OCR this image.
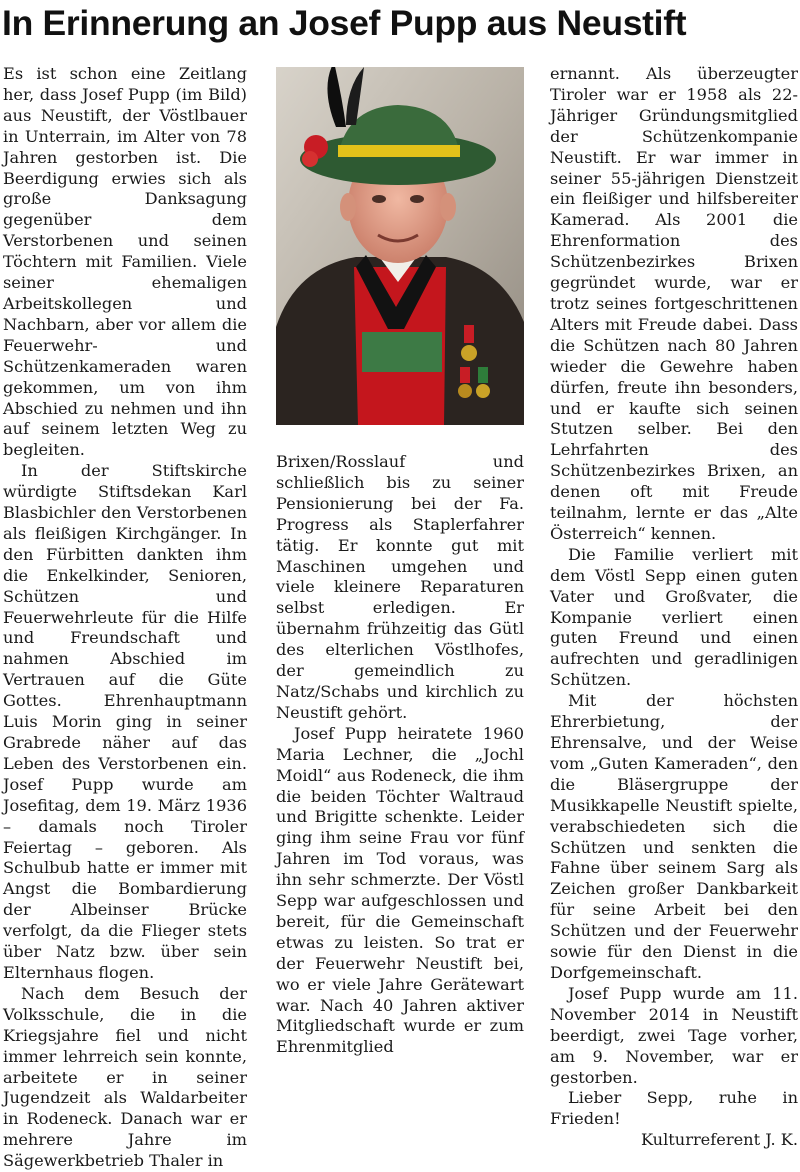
In Erinnerung an Josef Pupp aus Neustift

Es ist schon eine Zeitlang her, dass Josef Pupp (im Bild) aus Neustift, der Vöstlbauer in Unterrain, im Alter von 78 Jahren gestorben ist. Die Beerdigung erwies sich als große Danksagung gegenüber dem Verstorbenen und seinen Töchtern mit Familien. Viele seiner ehemaligen Arbeitskollegen und Nachbarn, aber vor allem die Feuerwehr- und Schützenkameraden waren gekommen, um von ihm Abschied zu nehmen und ihn auf seinem letzten Weg zu begleiten.

In der Stiftskirche würdigte Stiftsdekan Karl Blasbichler den Verstorbenen als fleißigen Kirchgänger. In den Fürbitten dankten ihm die Enkelkinder, Senioren, Schützen und Feuerwehrleute für die Hilfe und Freundschaft und nahmen Abschied im Vertrauen auf die Güte Gottes. Ehrenhauptmann Luis Morin ging in seiner Grabrede näher auf das Leben des Verstorbenen ein. Josef Pupp wurde am Josefitag, dem 19. März 1936 – damals noch Tiroler Feiertag – geboren. Als Schulbub hatte er immer mit Angst die Bombardierung der Albeinser Brücke verfolgt, da die Flieger stets über Natz bzw. über sein Elternhaus flogen.

Nach dem Besuch der Volksschule, die in die Kriegsjahre fiel und nicht immer lehrreich sein konnte, arbeitete er in seiner Jugendzeit als Waldarbeiter in Rodeneck. Danach war er mehrere Jahre im Sägewerkbetrieb Thaler in

Brixen/Rosslauf und schließlich bis zu seiner Pensionierung bei der Fa. Progress als Staplerfahrer tätig. Er konnte gut mit Maschinen umgehen und viele kleinere Reparaturen selbst erledigen. Er übernahm frühzeitig das Gütl des elterlichen Vöstlhofes, der gemeindlich zu Natz/Schabs und kirchlich zu Neustift gehört.

Josef Pupp heiratete 1960 Maria Lechner, die „Jochl Moidl“ aus Rodeneck, die ihm die beiden Töchter Waltraud und Brigitte schenkte. Leider ging ihm seine Frau vor fünf Jahren im Tod voraus, was ihn sehr schmerzte. Der Vöstl Sepp war aufgeschlossen und bereit, für die Gemeinschaft etwas zu leisten. So trat er der Feuerwehr Neustift bei, wo er viele Jahre Gerätewart war. Nach 40 Jahren aktiver Mitgliedschaft wurde er zum Ehrenmitglied

ernannt. Als überzeugter Tiroler war er 1958 als 22-Jähriger Gründungsmitglied der Schützenkompanie Neustift. Er war immer in seiner 55-jährigen Dienstzeit ein fleißiger und hilfsbereiter Kamerad. Als 2001 die Ehrenformation des Schützenbezirkes Brixen gegründet wurde, war er trotz seines fortgeschrittenen Alters mit Freude dabei. Dass die Schützen nach 80 Jahren wieder die Gewehre haben dürfen, freute ihn besonders, und er kaufte sich seinen Stutzen selber. Bei den Lehrfahrten des Schützenbezirkes Brixen, an denen oft mit Freude teilnahm, lernte er das „Alte Österreich“ kennen.

Die Familie verliert mit dem Vöstl Sepp einen guten Vater und Großvater, die Kompanie verliert einen guten Freund und einen aufrechten und geradlinigen Schützen.

Mit der höchsten Ehrerbietung, der Ehrensalve, und der Weise vom „Guten Kameraden“, den die Bläsergruppe der Musikkapelle Neustift spielte, verabschiedeten sich die Schützen und senkten die Fahne über seinem Sarg als Zeichen großer Dankbarkeit für seine Arbeit bei den Schützen und der Feuerwehr sowie für den Dienst in die Dorfgemeinschaft.

Josef Pupp wurde am 11. November 2014 in Neustift beerdigt, zwei Tage vorher, am 9. November, war er gestorben.

Lieber Sepp, ruhe in Frieden!

Kulturreferent J. K.
